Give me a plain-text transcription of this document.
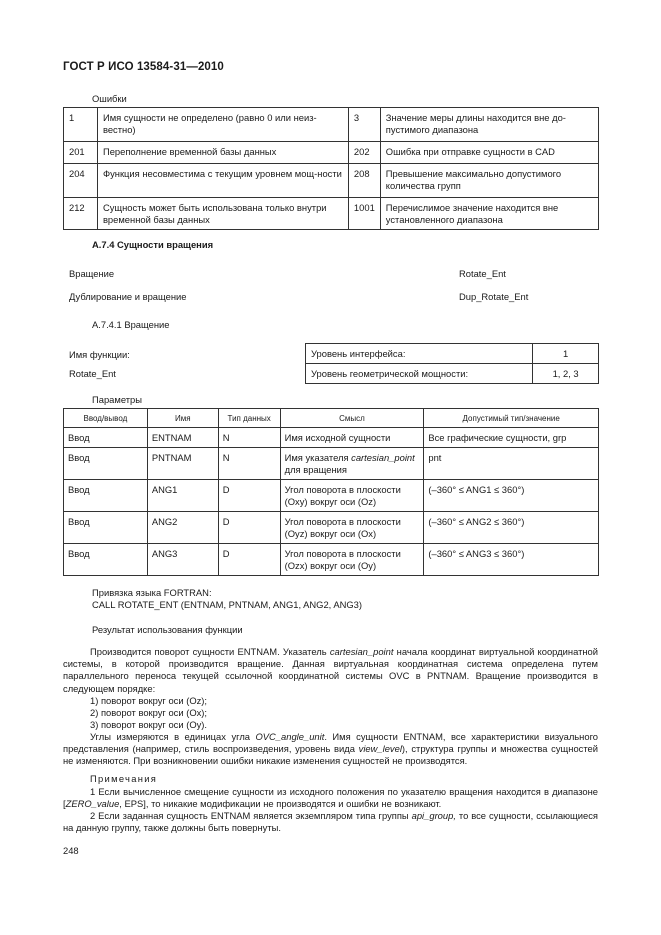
ГОСТ Р ИСО 13584-31—2010
Ошибки
1	Имя сущности не определено (равно 0 или неиз-вестно)	3	Значение меры длины находится вне до-пустимого диапазона
201	Переполнение временной базы данных	202	Ошибка при отправке сущности в CAD
204	Функция несовместима с текущим уровнем мощ-ности	208	Превышение максимально допустимого количества групп
212	Сущность может быть использована только внутри временной базы данных	1001	Перечислимое значение находится вне установленного диапазона
А.7.4 Сущности вращения
Вращение	Rotate_Ent
Дублирование и вращение	Dup_Rotate_Ent
А.7.4.1 Вращение
Имя функции:
Rotate_Ent
Уровень интерфейса:	1
Уровень геометрической мощности:	1, 2, 3
Параметры
Ввод/вывод	Имя	Тип данных	Смысл	Допустимый тип/значение
Ввод	ENTNAM	N	Имя исходной сущности	Все графические сущности, grp
Ввод	PNTNAM	N	Имя указателя cartesian_point для вращения	pnt
Ввод	ANG1	D	Угол поворота в плоскости (Oxy) вокруг оси (Oz)	(–360° ≤ ANG1 ≤ 360°)
Ввод	ANG2	D	Угол поворота в плоскости (Oyz) вокруг оси (Ox)	(–360° ≤ ANG2 ≤ 360°)
Ввод	ANG3	D	Угол поворота в плоскости (Ozx) вокруг оси (Oy)	(–360° ≤ ANG3 ≤ 360°)
Привязка языка FORTRAN:
CALL ROTATE_ENT (ENTNAM, PNTNAM, ANG1, ANG2, ANG3)
Результат использования функции
Производится поворот сущности ENTNAM. Указатель cartesian_point начала координат виртуальной координатной системы, в которой производится вращение. Данная виртуальная координатная система определена путем параллельного переноса текущей ссылочной координатной системы OVC в PNTNAM. Вращение производится в следующем порядке:
1) поворот вокруг оси (Oz);
2) поворот вокруг оси (Ox);
3) поворот вокруг оси (Oy).
Углы измеряются в единицах угла OVC_angle_unit. Имя сущности ENTNAM, все характеристики визуального представления (например, стиль воспроизведения, уровень вида view_level), структура группы и множества сущностей не изменяются. При возникновении ошибки никакие изменения сущностей не производятся.
Примечания
1 Если вычисленное смещение сущности из исходного положения по указателю вращения находится в диапазоне [ZERO_value, EPS], то никакие модификации не производятся и ошибки не возникают.
2 Если заданная сущность ENTNAM является экземпляром типа группы api_group, то все сущности, ссылающиеся на данную группу, также должны быть повернуты.
248
